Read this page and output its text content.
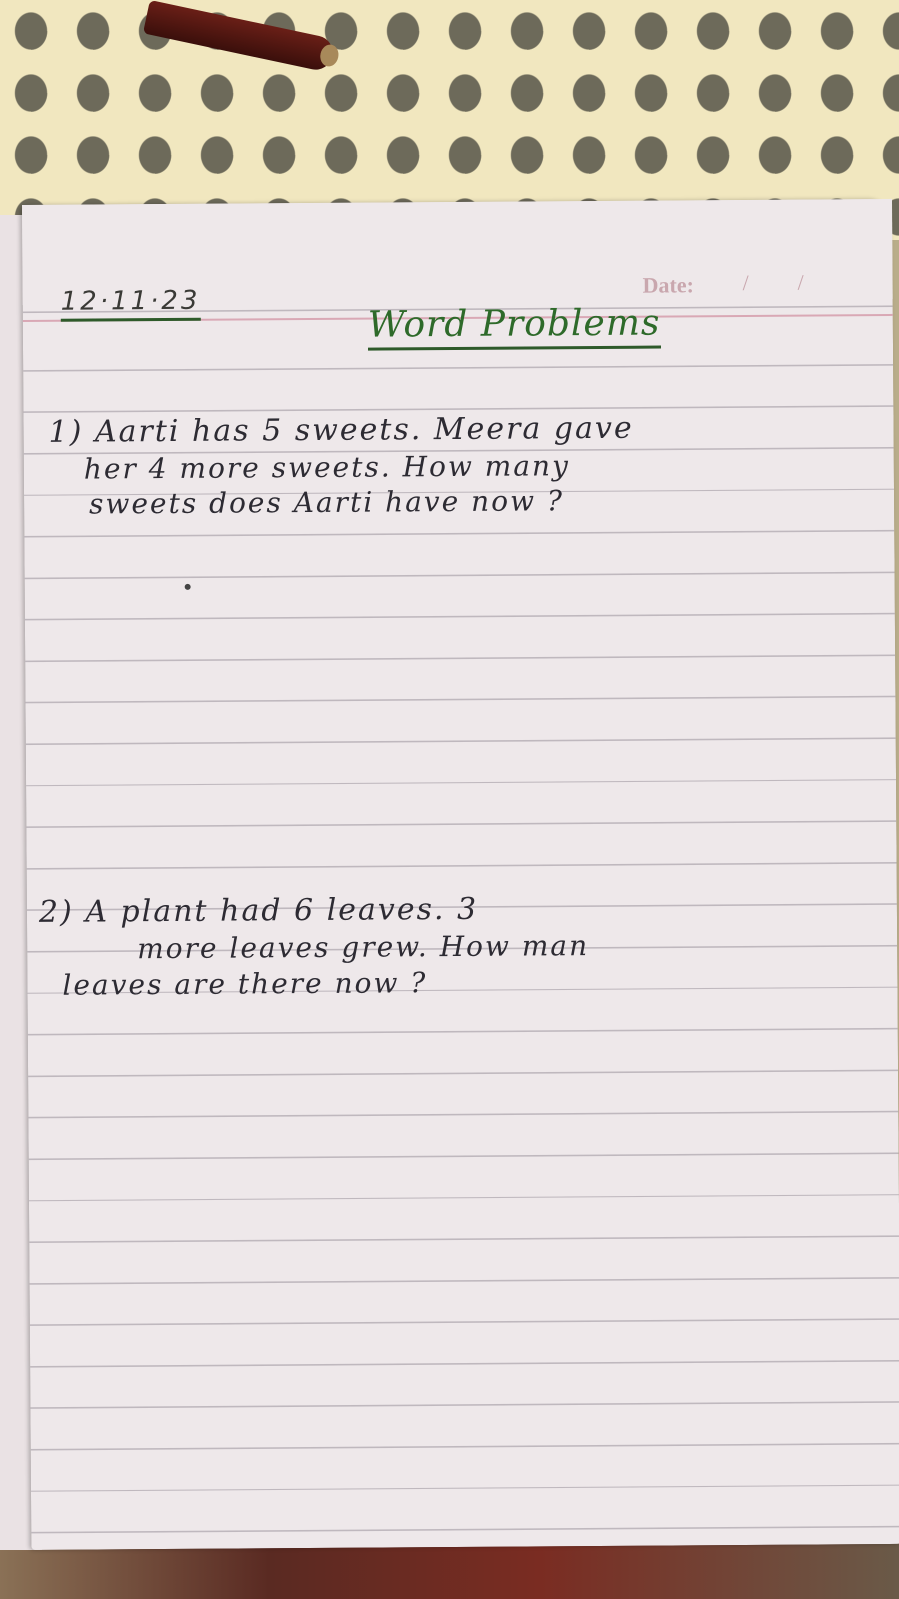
Date: / /
12·11·23
Word Problems
1) Aarti has 5 sweets. Meera gave
her 4 more sweets. How many
sweets does Aarti have now ?
2) A plant had 6 leaves. 3
more leaves grew. How man
leaves are there now ?
